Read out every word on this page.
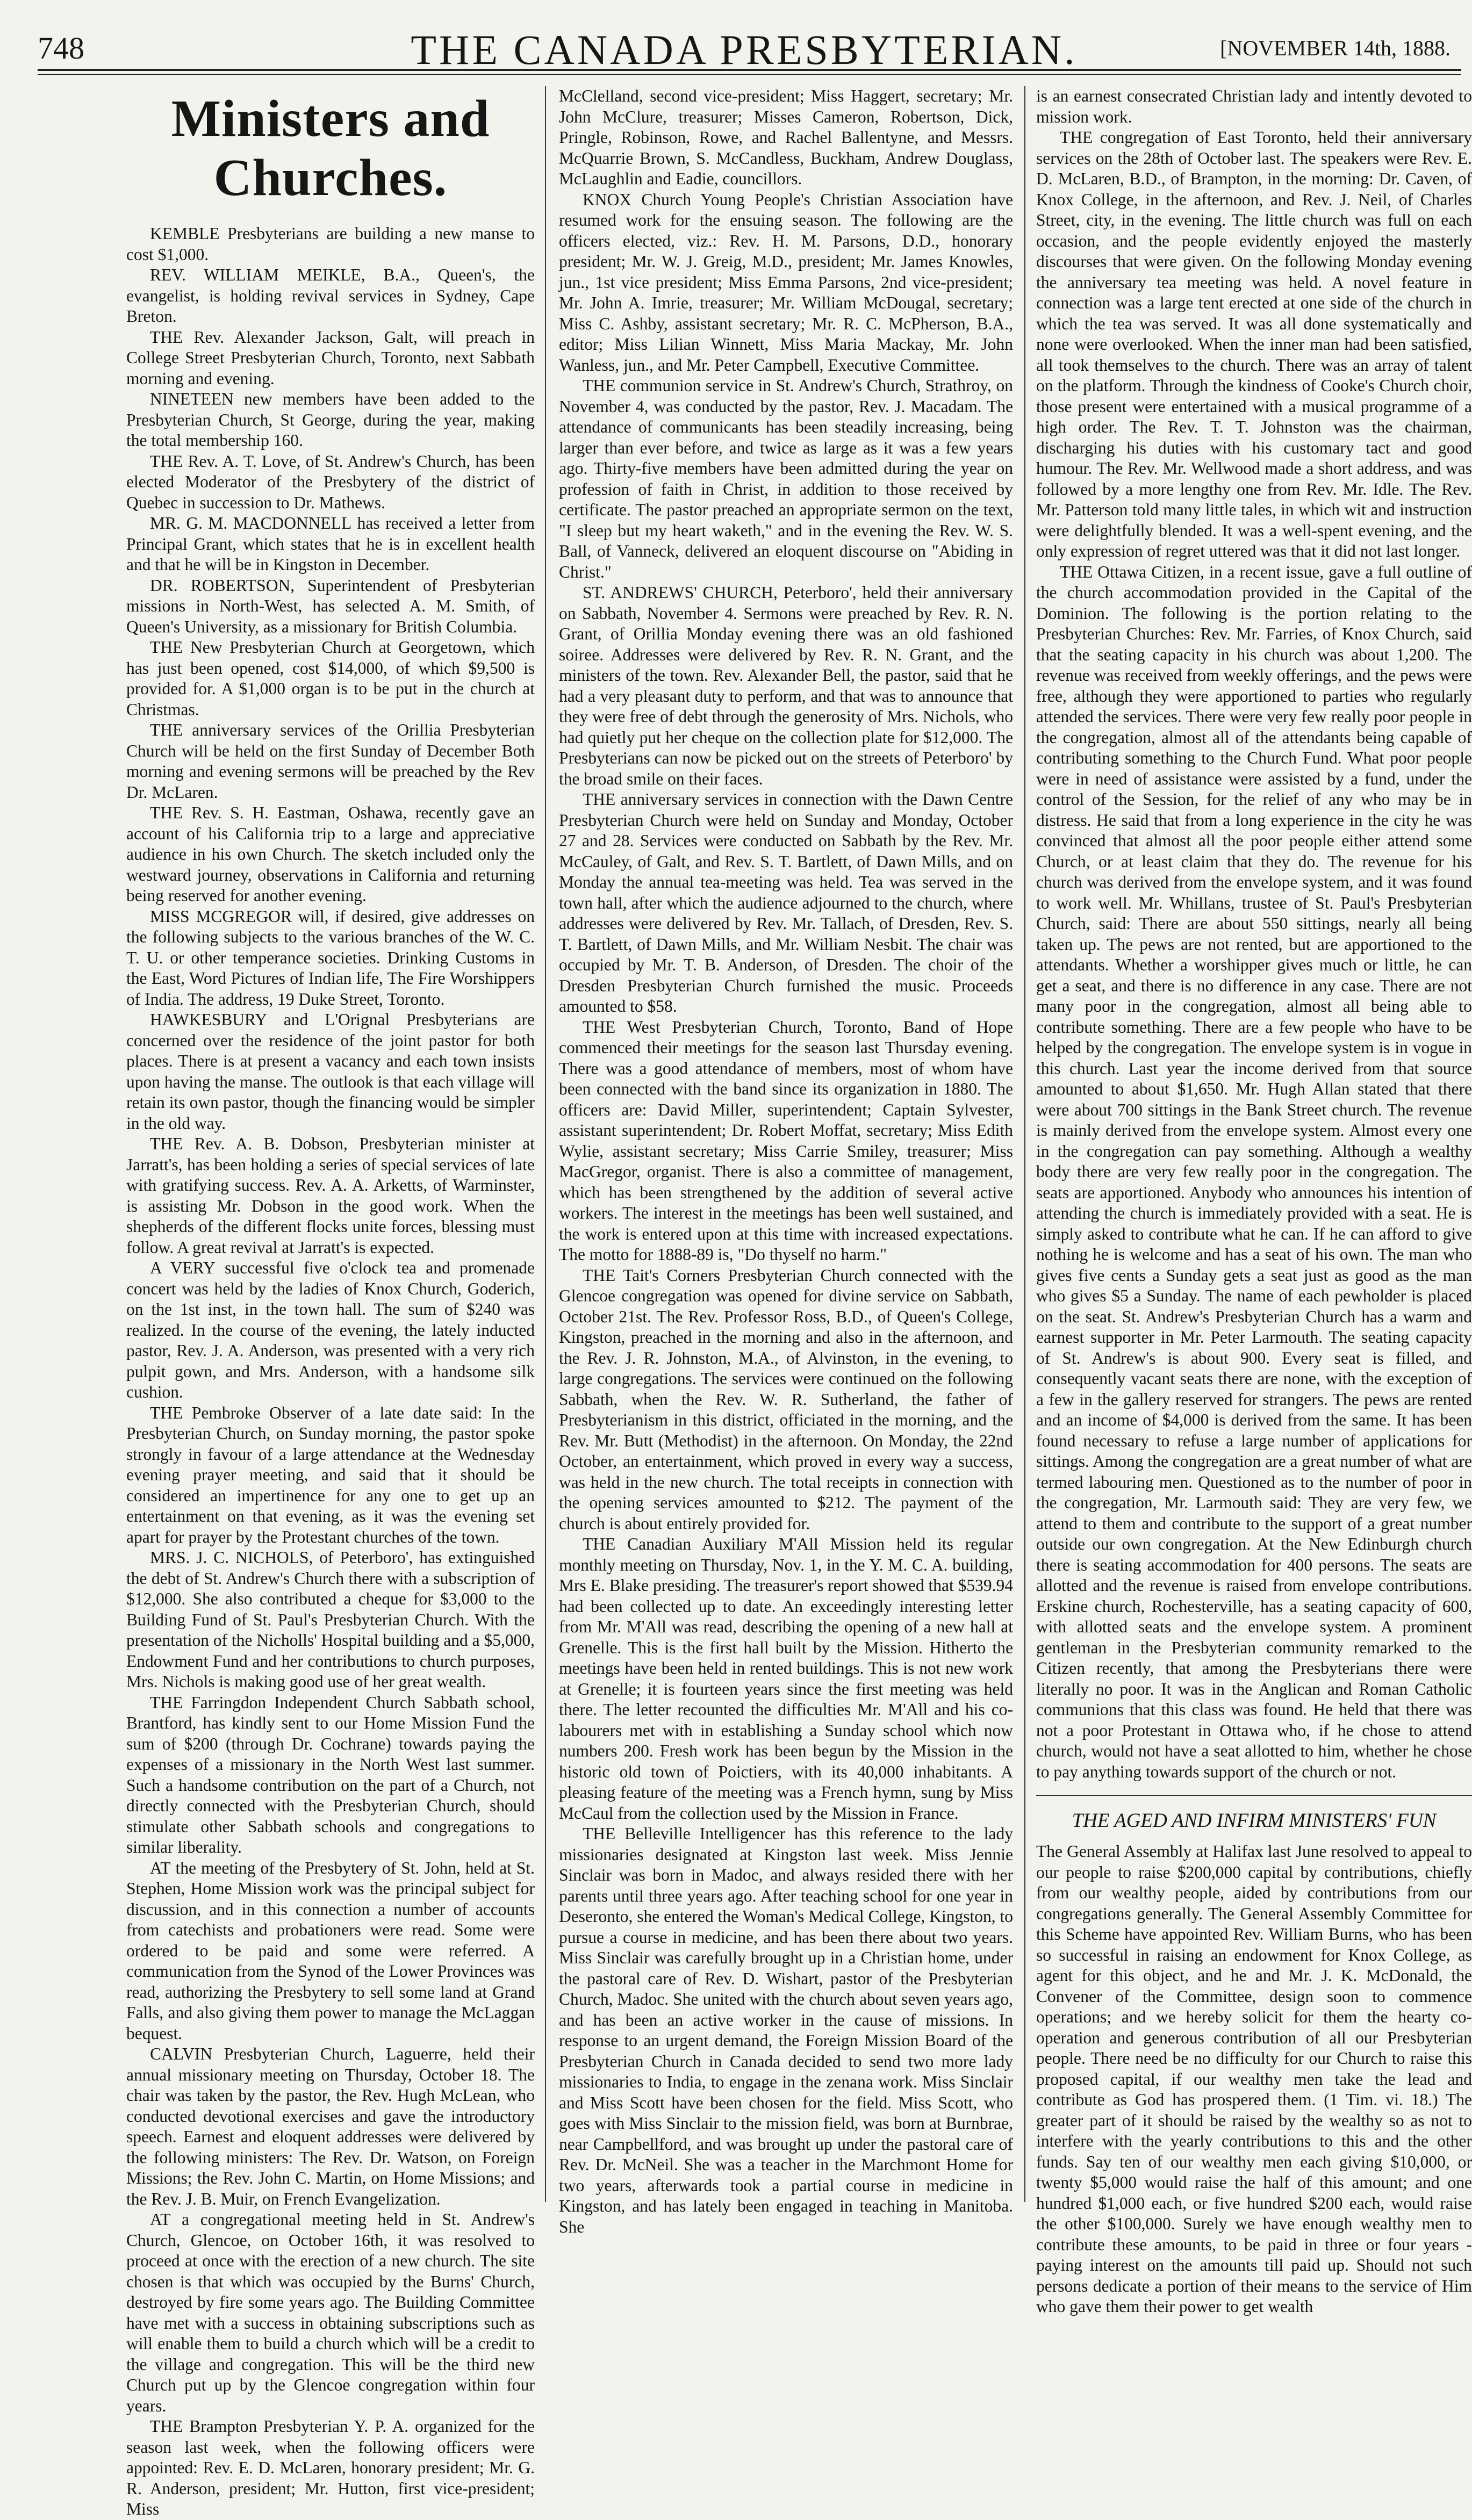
748	THE CANADA PRESBYTERIAN.	[NOVEMBER 14th, 1888.
Ministers and Churches.

KEMBLE Presbyterians are building a new manse to cost $1,000.

REV. WILLIAM MEIKLE, B.A., Queen's, the evangelist, is holding revival services in Sydney, Cape Breton.

THE Rev. Alexander Jackson, Galt, will preach in College Street Presbyterian Church, Toronto, next Sabbath morning and evening.

NINETEEN new members have been added to the Presbyterian Church, St George, during the year, making the total membership 160.

THE Rev. A. T. Love, of St. Andrew's Church, has been elected Moderator of the Presbytery of the district of Quebec in succession to Dr. Mathews.

MR. G. M. MACDONNELL has received a letter from Principal Grant, which states that he is in excellent health and that he will be in Kingston in December.

DR. ROBERTSON, Superintendent of Presbyterian missions in North-West, has selected A. M. Smith, of Queen's University, as a missionary for British Columbia.

THE New Presbyterian Church at Georgetown, which has just been opened, cost $14,000, of which $9,500 is provided for. A $1,000 organ is to be put in the church at Christmas.

THE anniversary services of the Orillia Presbyterian Church will be held on the first Sunday of December Both morning and evening sermons will be preached by the Rev Dr. McLaren.

THE Rev. S. H. Eastman, Oshawa, recently gave an account of his California trip to a large and appreciative audience in his own Church. The sketch included only the westward journey, observations in California and returning being reserved for another evening.

MISS MCGREGOR will, if desired, give addresses on the following subjects to the various branches of the W. C. T. U. or other temperance societies. Drinking Customs in the East, Word Pictures of Indian life, The Fire Worshippers of India. The address, 19 Duke Street, Toronto.

HAWKESBURY and L'Orignal Presbyterians are concerned over the residence of the joint pastor for both places. There is at present a vacancy and each town insists upon having the manse. The outlook is that each village will retain its own pastor, though the financing would be simpler in the old way.

THE Rev. A. B. Dobson, Presbyterian minister at Jarratt's, has been holding a series of special services of late with gratifying success. Rev. A. A. Arketts, of Warminster, is assisting Mr. Dobson in the good work. When the shepherds of the different flocks unite forces, blessing must follow. A great revival at Jarratt's is expected.

A VERY successful five o'clock tea and promenade concert was held by the ladies of Knox Church, Goderich, on the 1st inst, in the town hall. The sum of $240 was realized. In the course of the evening, the lately inducted pastor, Rev. J. A. Anderson, was presented with a very rich pulpit gown, and Mrs. Anderson, with a handsome silk cushion.

THE Pembroke Observer of a late date said: In the Presbyterian Church, on Sunday morning, the pastor spoke strongly in favour of a large attendance at the Wednesday evening prayer meeting, and said that it should be considered an impertinence for any one to get up an entertainment on that evening, as it was the evening set apart for prayer by the Protestant churches of the town.

MRS. J. C. NICHOLS, of Peterboro', has extinguished the debt of St. Andrew's Church there with a subscription of $12,000. She also contributed a cheque for $3,000 to the Building Fund of St. Paul's Presbyterian Church. With the presentation of the Nicholls' Hospital building and a $5,000, Endowment Fund and her contributions to church purposes, Mrs. Nichols is making good use of her great wealth.

THE Farringdon Independent Church Sabbath school, Brantford, has kindly sent to our Home Mission Fund the sum of $200 (through Dr. Cochrane) towards paying the expenses of a missionary in the North West last summer. Such a handsome contribution on the part of a Church, not directly connected with the Presbyterian Church, should stimulate other Sabbath schools and congregations to similar liberality.

AT the meeting of the Presbytery of St. John, held at St. Stephen, Home Mission work was the principal subject for discussion, and in this connection a number of accounts from catechists and probationers were read. Some were ordered to be paid and some were referred. A communication from the Synod of the Lower Provinces was read, authorizing the Presbytery to sell some land at Grand Falls, and also giving them power to manage the McLaggan bequest.

CALVIN Presbyterian Church, Laguerre, held their annual missionary meeting on Thursday, October 18. The chair was taken by the pastor, the Rev. Hugh McLean, who conducted devotional exercises and gave the introductory speech. Earnest and eloquent addresses were delivered by the following ministers: The Rev. Dr. Watson, on Foreign Missions; the Rev. John C. Martin, on Home Missions; and the Rev. J. B. Muir, on French Evangelization.

AT a congregational meeting held in St. Andrew's Church, Glencoe, on October 16th, it was resolved to proceed at once with the erection of a new church. The site chosen is that which was occupied by the Burns' Church, destroyed by fire some years ago. The Building Committee have met with a success in obtaining subscriptions such as will enable them to build a church which will be a credit to the village and congregation. This will be the third new Church put up by the Glencoe congregation within four years.

THE Brampton Presbyterian Y. P. A. organized for the season last week, when the following officers were appointed: Rev. E. D. McLaren, honorary president; Mr. G. R. Anderson, president; Mr. Hutton, first vice-president; Miss

McClelland, second vice-president; Miss Haggert, secretary; Mr. John McClure, treasurer; Misses Cameron, Robertson, Dick, Pringle, Robinson, Rowe, and Rachel Ballentyne, and Messrs. McQuarrie Brown, S. McCandless, Buckham, Andrew Douglass, McLaughlin and Eadie, councillors.

KNOX Church Young People's Christian Association have resumed work for the ensuing season. The following are the officers elected, viz.: Rev. H. M. Parsons, D.D., honorary president; Mr. W. J. Greig, M.D., president; Mr. James Knowles, jun., 1st vice president; Miss Emma Parsons, 2nd vice-president; Mr. John A. Imrie, treasurer; Mr. William McDougal, secretary; Miss C. Ashby, assistant secretary; Mr. R. C. McPherson, B.A., editor; Miss Lilian Winnett, Miss Maria Mackay, Mr. John Wanless, jun., and Mr. Peter Campbell, Executive Committee.

THE communion service in St. Andrew's Church, Strathroy, on November 4, was conducted by the pastor, Rev. J. Macadam. The attendance of communicants has been steadily increasing, being larger than ever before, and twice as large as it was a few years ago. Thirty-five members have been admitted during the year on profession of faith in Christ, in addition to those received by certificate. The pastor preached an appropriate sermon on the text, "I sleep but my heart waketh," and in the evening the Rev. W. S. Ball, of Vanneck, delivered an eloquent discourse on "Abiding in Christ."

ST. ANDREWS' CHURCH, Peterboro', held their anniversary on Sabbath, November 4. Sermons were preached by Rev. R. N. Grant, of Orillia Monday evening there was an old fashioned soiree. Addresses were delivered by Rev. R. N. Grant, and the ministers of the town. Rev. Alexander Bell, the pastor, said that he had a very pleasant duty to perform, and that was to announce that they were free of debt through the generosity of Mrs. Nichols, who had quietly put her cheque on the collection plate for $12,000. The Presbyterians can now be picked out on the streets of Peterboro' by the broad smile on their faces.

THE anniversary services in connection with the Dawn Centre Presbyterian Church were held on Sunday and Monday, October 27 and 28. Services were conducted on Sabbath by the Rev. Mr. McCauley, of Galt, and Rev. S. T. Bartlett, of Dawn Mills, and on Monday the annual tea-meeting was held. Tea was served in the town hall, after which the audience adjourned to the church, where addresses were delivered by Rev. Mr. Tallach, of Dresden, Rev. S. T. Bartlett, of Dawn Mills, and Mr. William Nesbit. The chair was occupied by Mr. T. B. Anderson, of Dresden. The choir of the Dresden Presbyterian Church furnished the music. Proceeds amounted to $58.

THE West Presbyterian Church, Toronto, Band of Hope commenced their meetings for the season last Thursday evening. There was a good attendance of members, most of whom have been connected with the band since its organization in 1880. The officers are: David Miller, superintendent; Captain Sylvester, assistant superintendent; Dr. Robert Moffat, secretary; Miss Edith Wylie, assistant secretary; Miss Carrie Smiley, treasurer; Miss MacGregor, organist. There is also a committee of management, which has been strengthened by the addition of several active workers. The interest in the meetings has been well sustained, and the work is entered upon at this time with increased expectations. The motto for 1888-89 is, "Do thyself no harm."

THE Tait's Corners Presbyterian Church connected with the Glencoe congregation was opened for divine service on Sabbath, October 21st. The Rev. Professor Ross, B.D., of Queen's College, Kingston, preached in the morning and also in the afternoon, and the Rev. J. R. Johnston, M.A., of Alvinston, in the evening, to large congregations. The services were continued on the following Sabbath, when the Rev. W. R. Sutherland, the father of Presbyterianism in this district, officiated in the morning, and the Rev. Mr. Butt (Methodist) in the afternoon. On Monday, the 22nd October, an entertainment, which proved in every way a success, was held in the new church. The total receipts in connection with the opening services amounted to $212. The payment of the church is about entirely provided for.

THE Canadian Auxiliary M'All Mission held its regular monthly meeting on Thursday, Nov. 1, in the Y. M. C. A. building, Mrs E. Blake presiding. The treasurer's report showed that $539.94 had been collected up to date. An exceedingly interesting letter from Mr. M'All was read, describing the opening of a new hall at Grenelle. This is the first hall built by the Mission. Hitherto the meetings have been held in rented buildings. This is not new work at Grenelle; it is fourteen years since the first meeting was held there. The letter recounted the difficulties Mr. M'All and his co-labourers met with in establishing a Sunday school which now numbers 200. Fresh work has been begun by the Mission in the historic old town of Poictiers, with its 40,000 inhabitants. A pleasing feature of the meeting was a French hymn, sung by Miss McCaul from the collection used by the Mission in France.

THE Belleville Intelligencer has this reference to the lady missionaries designated at Kingston last week. Miss Jennie Sinclair was born in Madoc, and always resided there with her parents until three years ago. After teaching school for one year in Deseronto, she entered the Woman's Medical College, Kingston, to pursue a course in medicine, and has been there about two years. Miss Sinclair was carefully brought up in a Christian home, under the pastoral care of Rev. D. Wishart, pastor of the Presbyterian Church, Madoc. She united with the church about seven years ago, and has been an active worker in the cause of missions. In response to an urgent demand, the Foreign Mission Board of the Presbyterian Church in Canada decided to send two more lady missionaries to India, to engage in the zenana work. Miss Sinclair and Miss Scott have been chosen for the field. Miss Scott, who goes with Miss Sinclair to the mission field, was born at Burnbrae, near Campbellford, and was brought up under the pastoral care of Rev. Dr. McNeil. She was a teacher in the Marchmont Home for two years, afterwards took a partial course in medicine in Kingston, and has lately been engaged in teaching in Manitoba. She

is an earnest consecrated Christian lady and intently devoted to mission work.

THE congregation of East Toronto, held their anniversary services on the 28th of October last. The speakers were Rev. E. D. McLaren, B.D., of Brampton, in the morning: Dr. Caven, of Knox College, in the afternoon, and Rev. J. Neil, of Charles Street, city, in the evening. The little church was full on each occasion, and the people evidently enjoyed the masterly discourses that were given. On the following Monday evening the anniversary tea meeting was held. A novel feature in connection was a large tent erected at one side of the church in which the tea was served. It was all done systematically and none were overlooked. When the inner man had been satisfied, all took themselves to the church. There was an array of talent on the platform. Through the kindness of Cooke's Church choir, those present were entertained with a musical programme of a high order. The Rev. T. T. Johnston was the chairman, discharging his duties with his customary tact and good humour. The Rev. Mr. Wellwood made a short address, and was followed by a more lengthy one from Rev. Mr. Idle. The Rev. Mr. Patterson told many little tales, in which wit and instruction were delightfully blended. It was a well-spent evening, and the only expression of regret uttered was that it did not last longer.

THE Ottawa Citizen, in a recent issue, gave a full outline of the church accommodation provided in the Capital of the Dominion. The following is the portion relating to the Presbyterian Churches: Rev. Mr. Farries, of Knox Church, said that the seating capacity in his church was about 1,200. The revenue was received from weekly offerings, and the pews were free, although they were apportioned to parties who regularly attended the services. There were very few really poor people in the congregation, almost all of the attendants being capable of contributing something to the Church Fund. What poor people were in need of assistance were assisted by a fund, under the control of the Session, for the relief of any who may be in distress. He said that from a long experience in the city he was convinced that almost all the poor people either attend some Church, or at least claim that they do. The revenue for his church was derived from the envelope system, and it was found to work well. Mr. Whillans, trustee of St. Paul's Presbyterian Church, said: There are about 550 sittings, nearly all being taken up. The pews are not rented, but are apportioned to the attendants. Whether a worshipper gives much or little, he can get a seat, and there is no difference in any case. There are not many poor in the congregation, almost all being able to contribute something. There are a few people who have to be helped by the congregation. The envelope system is in vogue in this church. Last year the income derived from that source amounted to about $1,650. Mr. Hugh Allan stated that there were about 700 sittings in the Bank Street church. The revenue is mainly derived from the envelope system. Almost every one in the congregation can pay something. Although a wealthy body there are very few really poor in the congregation. The seats are apportioned. Anybody who announces his intention of attending the church is immediately provided with a seat. He is simply asked to contribute what he can. If he can afford to give nothing he is welcome and has a seat of his own. The man who gives five cents a Sunday gets a seat just as good as the man who gives $5 a Sunday. The name of each pewholder is placed on the seat. St. Andrew's Presbyterian Church has a warm and earnest supporter in Mr. Peter Larmouth. The seating capacity of St. Andrew's is about 900. Every seat is filled, and consequently vacant seats there are none, with the exception of a few in the gallery reserved for strangers. The pews are rented and an income of $4,000 is derived from the same. It has been found necessary to refuse a large number of applications for sittings. Among the congregation are a great number of what are termed labouring men. Questioned as to the number of poor in the congregation, Mr. Larmouth said: They are very few, we attend to them and contribute to the support of a great number outside our own congregation. At the New Edinburgh church there is seating accommodation for 400 persons. The seats are allotted and the revenue is raised from envelope contributions. Erskine church, Rochesterville, has a seating capacity of 600, with allotted seats and the envelope system. A prominent gentleman in the Presbyterian community remarked to the Citizen recently, that among the Presbyterians there were literally no poor. It was in the Anglican and Roman Catholic communions that this class was found. He held that there was not a poor Protestant in Ottawa who, if he chose to attend church, would not have a seat allotted to him, whether he chose to pay anything towards support of the church or not.

THE AGED AND INFIRM MINISTERS' FUN

The General Assembly at Halifax last June resolved to appeal to our people to raise $200,000 capital by contributions, chiefly from our wealthy people, aided by contributions from our congregations generally. The General Assembly Committee for this Scheme have appointed Rev. William Burns, who has been so successful in raising an endowment for Knox College, as agent for this object, and he and Mr. J. K. McDonald, the Convener of the Committee, design soon to commence operations; and we hereby solicit for them the hearty co-operation and generous contribution of all our Presbyterian people. There need be no difficulty for our Church to raise this proposed capital, if our wealthy men take the lead and contribute as God has prospered them. (1 Tim. vi. 18.) The greater part of it should be raised by the wealthy so as not to interfere with the yearly contributions to this and the other funds. Say ten of our wealthy men each giving $10,000, or twenty $5,000 would raise the half of this amount; and one hundred $1,000 each, or five hundred $200 each, would raise the other $100,000. Surely we have enough wealthy men to contribute these amounts, to be paid in three or four years - paying interest on the amounts till paid up. Should not such persons dedicate a portion of their means to the service of Him who gave them their power to get wealth
